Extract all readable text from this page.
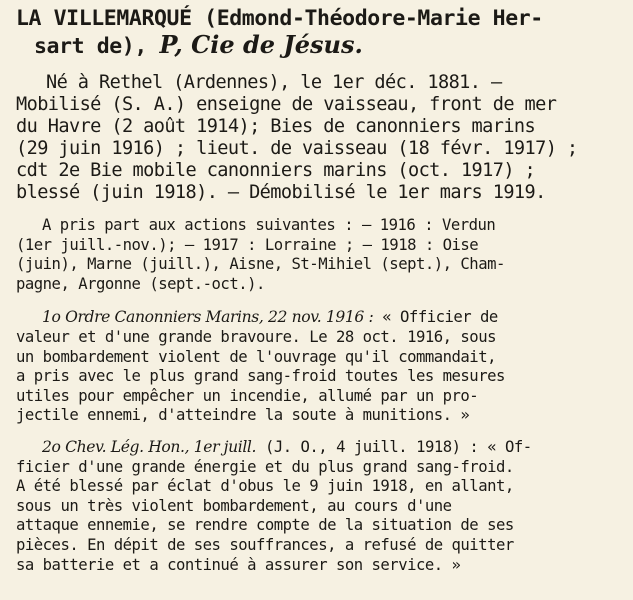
LA VILLEMARQUÉ (Edmond-Théodore-Marie Her-
sart de), P, Cie de Jésus.

Né à Rethel (Ardennes), le 1er déc. 1881. —
Mobilisé (S. A.) enseigne de vaisseau, front de mer
du Havre (2 août 1914); Bies de canonniers marins
(29 juin 1916) ; lieut. de vaisseau (18 févr. 1917) ;
cdt 2e Bie mobile canonniers marins (oct. 1917) ;
blessé (juin 1918). — Démobilisé le 1er mars 1919.

A pris part aux actions suivantes : — 1916 : Verdun
(1er juill.-nov.); — 1917 : Lorraine ; — 1918 : Oise
(juin), Marne (juill.), Aisne, St-Mihiel (sept.), Cham-
pagne, Argonne (sept.-oct.).

1o Ordre Canonniers Marins, 22 nov. 1916 : « Officier de
valeur et d'une grande bravoure. Le 28 oct. 1916, sous
un bombardement violent de l'ouvrage qu'il commandait,
a pris avec le plus grand sang-froid toutes les mesures
utiles pour empêcher un incendie, allumé par un pro-
jectile ennemi, d'atteindre la soute à munitions. »

2o Chev. Lég. Hon., 1er juill. (J. O., 4 juill. 1918) : « Of-
ficier d'une grande énergie et du plus grand sang-froid.
A été blessé par éclat d'obus le 9 juin 1918, en allant,
sous un très violent bombardement, au cours d'une
attaque ennemie, se rendre compte de la situation de ses
pièces. En dépit de ses souffrances, a refusé de quitter
sa batterie et a continué à assurer son service. »
